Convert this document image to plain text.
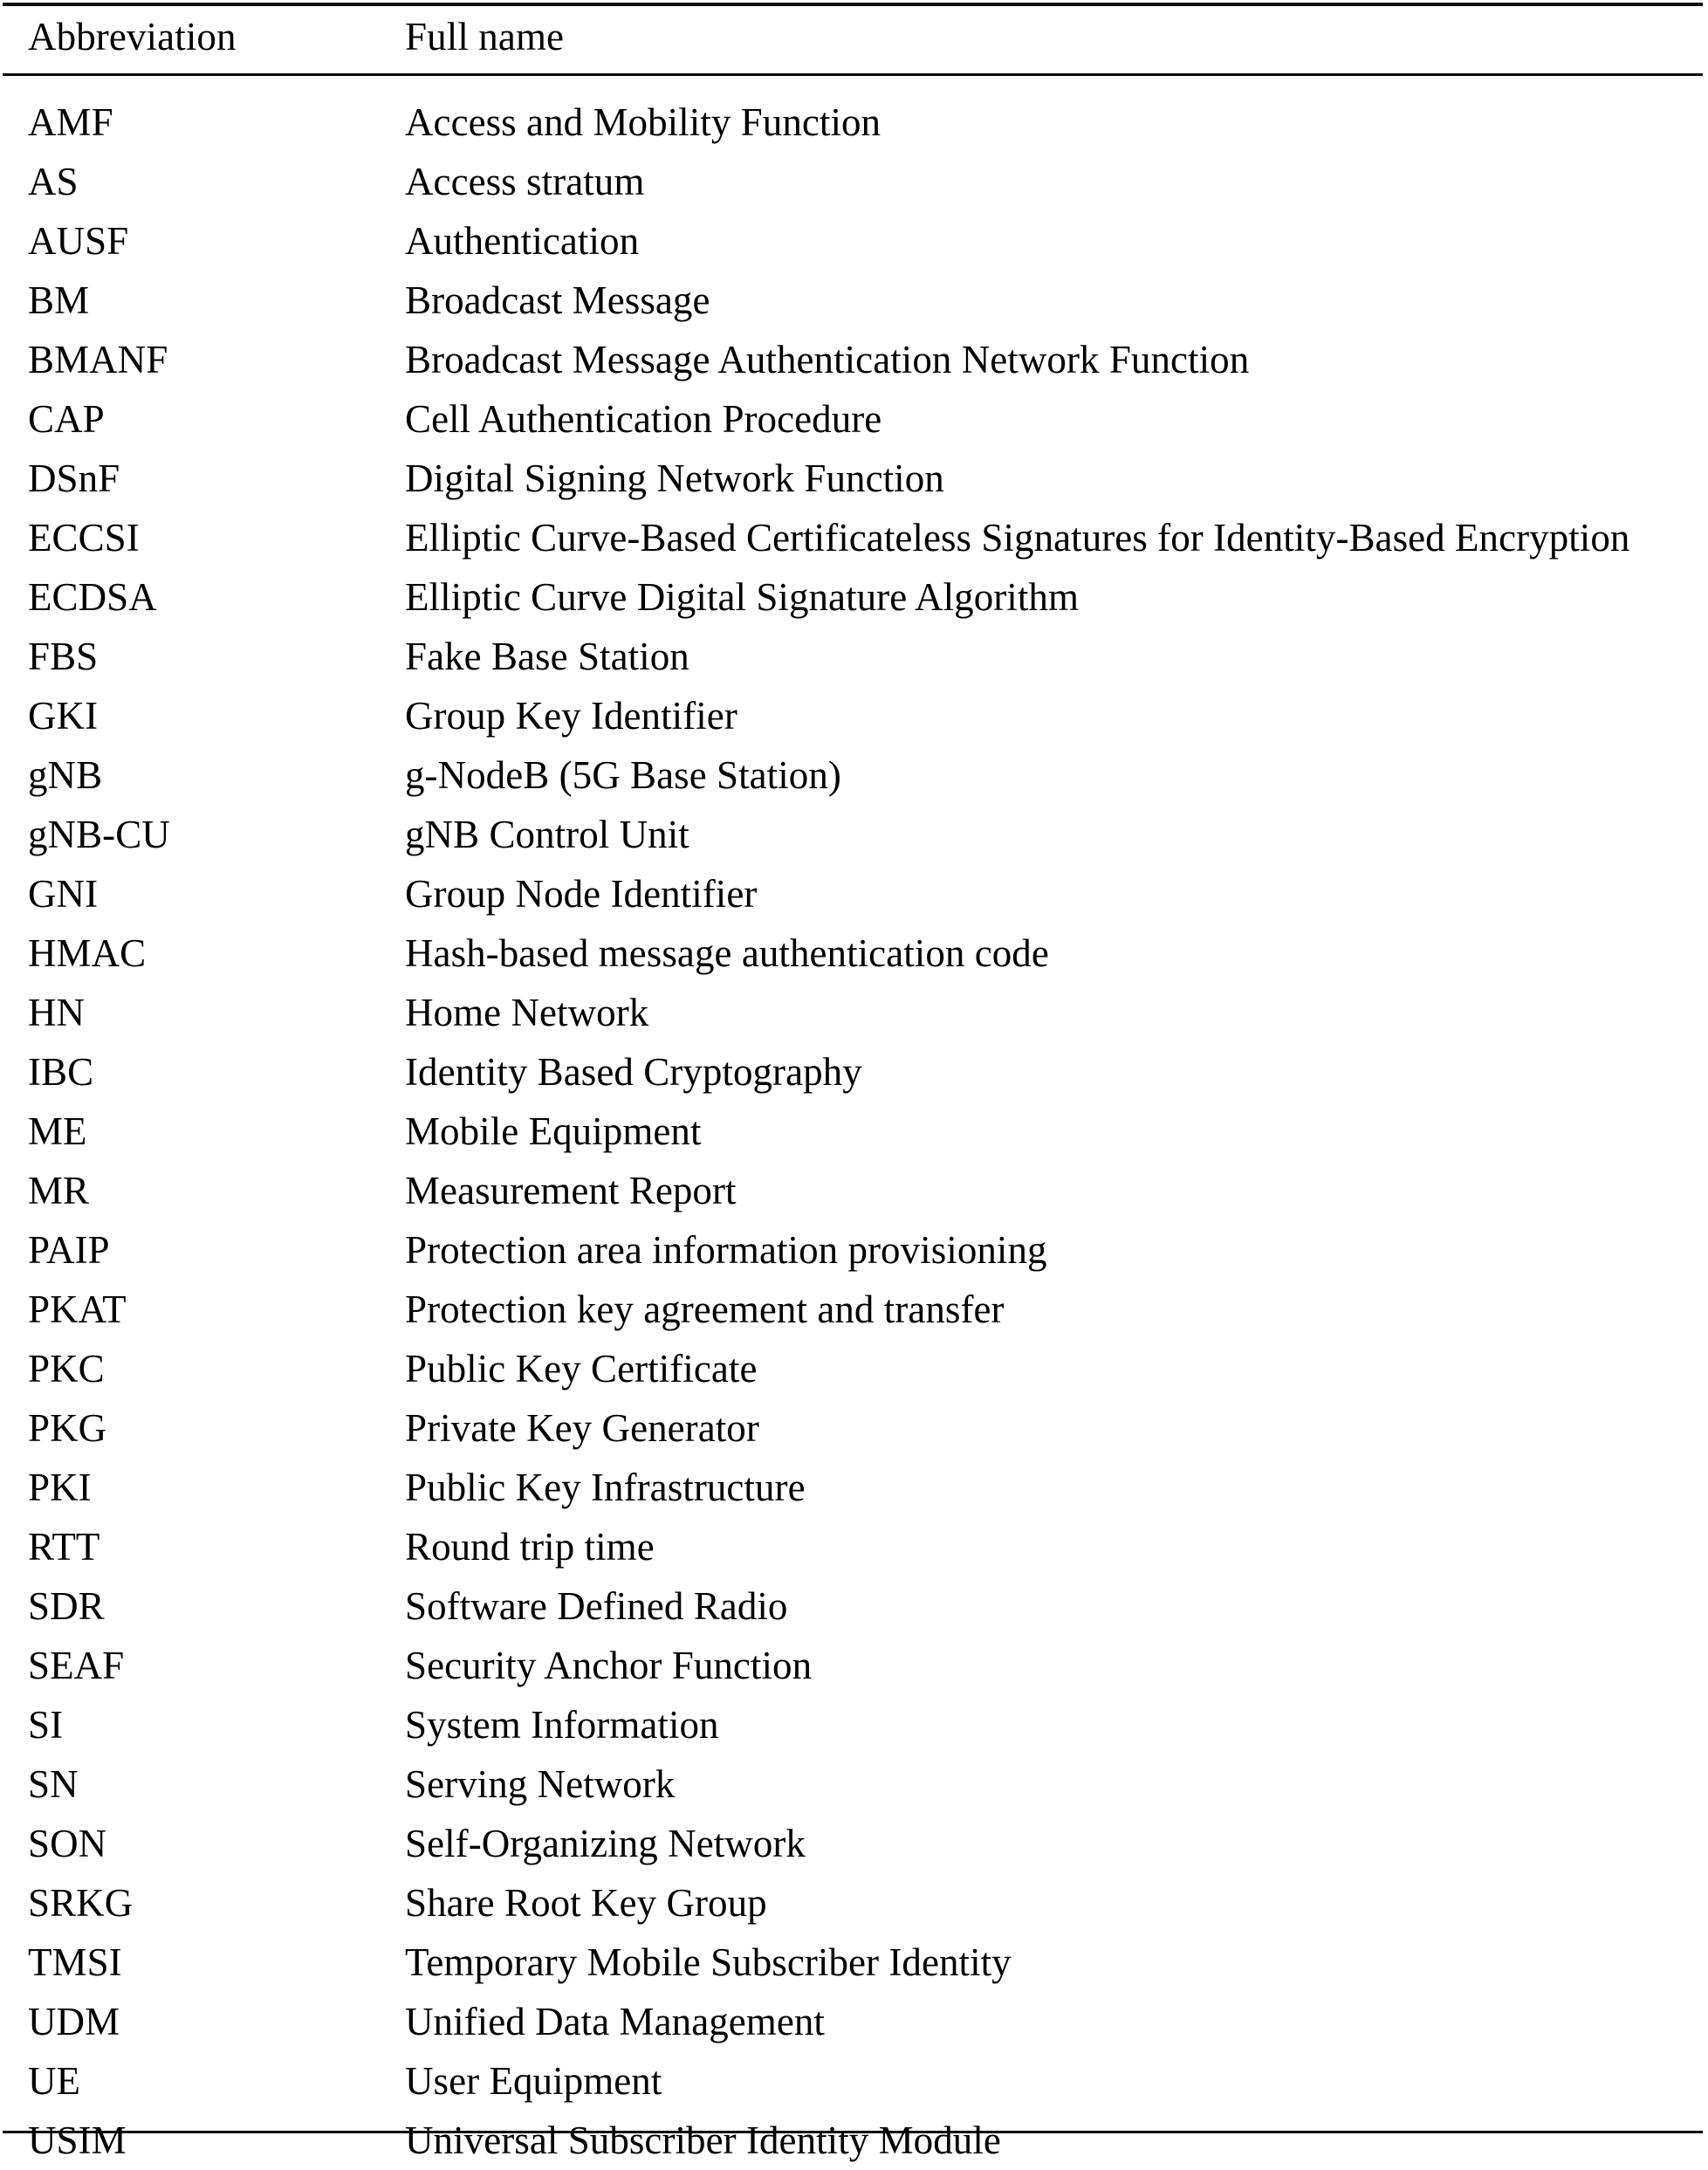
Abbreviation	Full name
AMF	Access and Mobility Function
AS	Access stratum
AUSF	Authentication
BM	Broadcast Message
BMANF	Broadcast Message Authentication Network Function
CAP	Cell Authentication Procedure
DSnF	Digital Signing Network Function
ECCSI	Elliptic Curve-Based Certificateless Signatures for Identity-Based Encryption
ECDSA	Elliptic Curve Digital Signature Algorithm
FBS	Fake Base Station
GKI	Group Key Identifier
gNB	g-NodeB (5G Base Station)
gNB-CU	gNB Control Unit
GNI	Group Node Identifier
HMAC	Hash-based message authentication code
HN	Home Network
IBC	Identity Based Cryptography
ME	Mobile Equipment
MR	Measurement Report
PAIP	Protection area information provisioning
PKAT	Protection key agreement and transfer
PKC	Public Key Certificate
PKG	Private Key Generator
PKI	Public Key Infrastructure
RTT	Round trip time
SDR	Software Defined Radio
SEAF	Security Anchor Function
SI	System Information
SN	Serving Network
SON	Self-Organizing Network
SRKG	Share Root Key Group
TMSI	Temporary Mobile Subscriber Identity
UDM	Unified Data Management
UE	User Equipment
USIM	Universal Subscriber Identity Module
